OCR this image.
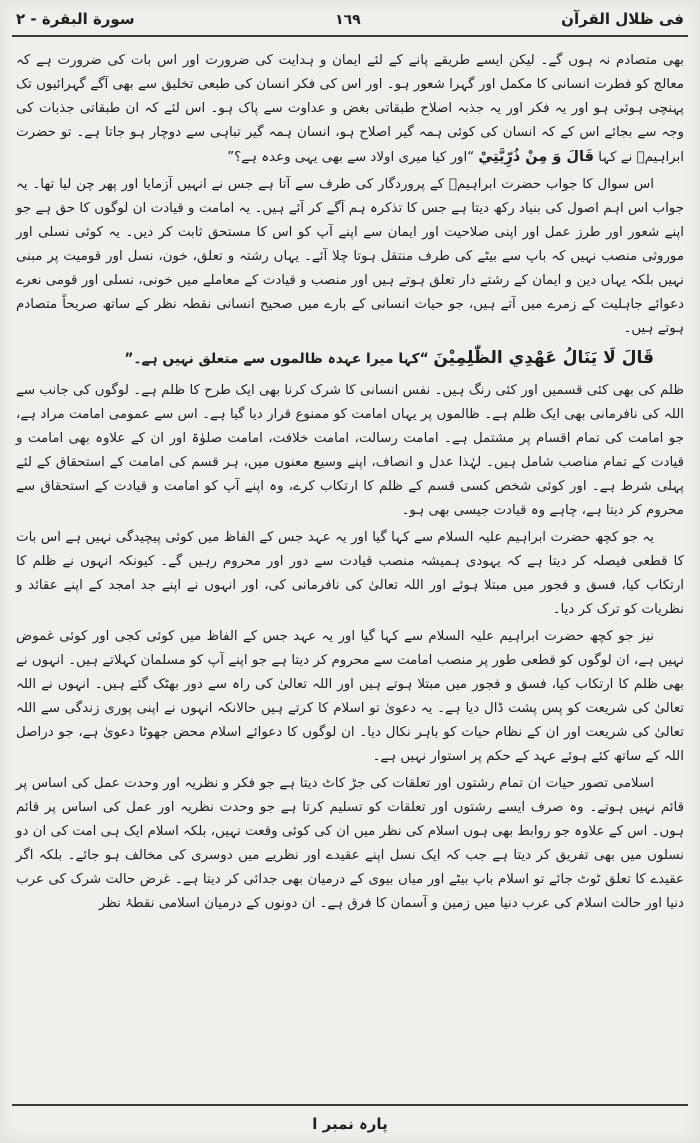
فی ظلال القرآن
١٦٩
سورة البقرة - ٢

بھی متصادم نہ ہوں گے۔ لیکن ایسے طریقے پانے کے لئے ایمان و ہدایت کی ضرورت اور اس بات کی ضرورت ہے کہ معالج کو فطرت انسانی کا مکمل اور گہرا شعور ہو۔ اور اس کی فکر انسان کی طبعی تخلیق سے بھی آگے گہرائیوں تک پہنچی ہوئی ہو اور یہ فکر اور یہ جذبہ اصلاح طبقاتی بغض و عداوت سے پاک ہو۔ اس لئے کہ ان طبقاتی جذبات کی وجہ سے بجائے اس کے کہ انسان کی کوئی ہمہ گیر اصلاح ہو، انسان ہمہ گیر تباہی سے دوچار ہو جاتا ہے۔ تو حضرت ابراہیمؑ نے کہا قَالَ وَ مِنْ ذُرِّيَّتِيْ “اور کیا میری اولاد سے بھی یہی وعدہ ہے؟”

اس سوال کا جواب حضرت ابراہیمؑ کے پروردگار کی طرف سے آتا ہے جس نے انہیں آزمایا اور پھر چن لیا تھا۔ یہ جواب اس اہم اصول کی بنیاد رکھ دیتا ہے جس کا تذکرہ ہم آگے کر آئے ہیں۔ یہ امامت و قیادت ان لوگوں کا حق ہے جو اپنے شعور اور طرز عمل اور اپنی صلاحیت اور ایمان سے اپنے آپ کو اس کا مستحق ثابت کر دیں۔ یہ کوئی نسلی اور موروثی منصب نہیں کہ باپ سے بیٹے کی طرف منتقل ہوتا چلا آئے۔ یہاں رشتہ و تعلق، خون، نسل اور قومیت پر مبنی نہیں بلکہ یہاں دین و ایمان کے رشتے دار تعلق ہوتے ہیں اور منصب و قیادت کے معاملے میں خونی، نسلی اور قومی نعرے دعوائے جاہلیت کے زمرے میں آتے ہیں، جو حیات انسانی کے بارے میں صحیح انسانی نقطہ نظر کے ساتھ صریحاً متصادم ہوتے ہیں۔

قَالَ لَا يَنَالُ عَهْدِي الظّٰلِمِيْنَ “کہا میرا عہدہ ظالموں سے متعلق نہیں ہے۔”

ظلم کی بھی کئی قسمیں اور کئی رنگ ہیں۔ نفس انسانی کا شرک کرنا بھی ایک طرح کا ظلم ہے۔ لوگوں کی جانب سے اللہ کی نافرمانی بھی ایک ظلم ہے۔ ظالموں پر یہاں امامت کو ممنوع قرار دیا گیا ہے۔ اس سے عمومی امامت مراد ہے، جو امامت کی تمام اقسام پر مشتمل ہے۔ امامت رسالت، امامت خلافت، امامت صلوٰۃ اور ان کے علاوہ بھی امامت و قیادت کے تمام مناصب شامل ہیں۔ لہٰذا عدل و انصاف، اپنے وسیع معنوں میں، ہر قسم کی امامت کے استحقاق کے لئے پہلی شرط ہے۔ اور کوئی شخص کسی قسم کے ظلم کا ارتکاب کرے، وہ اپنے آپ کو امامت و قیادت کے استحقاق سے محروم کر دیتا ہے، چاہے وہ قیادت جیسی بھی ہو۔

یہ جو کچھ حضرت ابراہیم علیہ السلام سے کہا گیا اور یہ عہد جس کے الفاظ میں کوئی پیچیدگی نہیں ہے اس بات کا قطعی فیصلہ کر دیتا ہے کہ یہودی ہمیشہ منصب قیادت سے دور اور محروم رہیں گے۔ کیونکہ انہوں نے ظلم کا ارتکاب کیا، فسق و فجور میں مبتلا ہوئے اور اللہ تعالیٰ کی نافرمانی کی، اور انہوں نے اپنے جد امجد کے اپنے عقائد و نظریات کو ترک کر دیا۔

نیز جو کچھ حضرت ابراہیم علیہ السلام سے کہا گیا اور یہ عہد جس کے الفاظ میں کوئی کجی اور کوئی غموض نہیں ہے، ان لوگوں کو قطعی طور پر منصب امامت سے محروم کر دیتا ہے جو اپنے آپ کو مسلمان کہلاتے ہیں۔ انہوں نے بھی ظلم کا ارتکاب کیا، فسق و فجور میں مبتلا ہوتے ہیں اور اللہ تعالیٰ کی راہ سے دور بھٹک گئے ہیں۔ انہوں نے اللہ تعالیٰ کی شریعت کو پس پشت ڈال دیا ہے۔ یہ دعویٰ تو اسلام کا کرتے ہیں حالانکہ انہوں نے اپنی پوری زندگی سے اللہ تعالیٰ کی شریعت اور ان کے نظام حیات کو باہر نکال دیا۔ ان لوگوں کا دعوائے اسلام محض جھوٹا دعویٰ ہے، جو دراصل اللہ کے ساتھ کئے ہوئے عہد کے حکم پر استوار نہیں ہے۔

اسلامی تصور حیات ان تمام رشتوں اور تعلقات کی جڑ کاٹ دیتا ہے جو فکر و نظریہ اور وحدت عمل کی اساس پر قائم نہیں ہوتے۔ وہ صرف ایسے رشتوں اور تعلقات کو تسلیم کرتا ہے جو وحدت نظریہ اور عمل کی اساس پر قائم ہوں۔ اس کے علاوہ جو روابط بھی ہوں اسلام کی نظر میں ان کی کوئی وقعت نہیں، بلکہ اسلام ایک ہی امت کی ان دو نسلوں میں بھی تفریق کر دیتا ہے جب کہ ایک نسل اپنے عقیدے اور نظریے میں دوسری کی مخالف ہو جائے۔ بلکہ اگر عقیدے کا تعلق ٹوٹ جائے تو اسلام باپ بیٹے اور میاں بیوی کے درمیان بھی جدائی کر دیتا ہے۔ غرض حالت شرک کی عرب دنیا اور حالت اسلام کی عرب دنیا میں زمین و آسمان کا فرق ہے۔ ان دونوں کے درمیان اسلامی نقطۂ نظر

پارہ نمبر ا
